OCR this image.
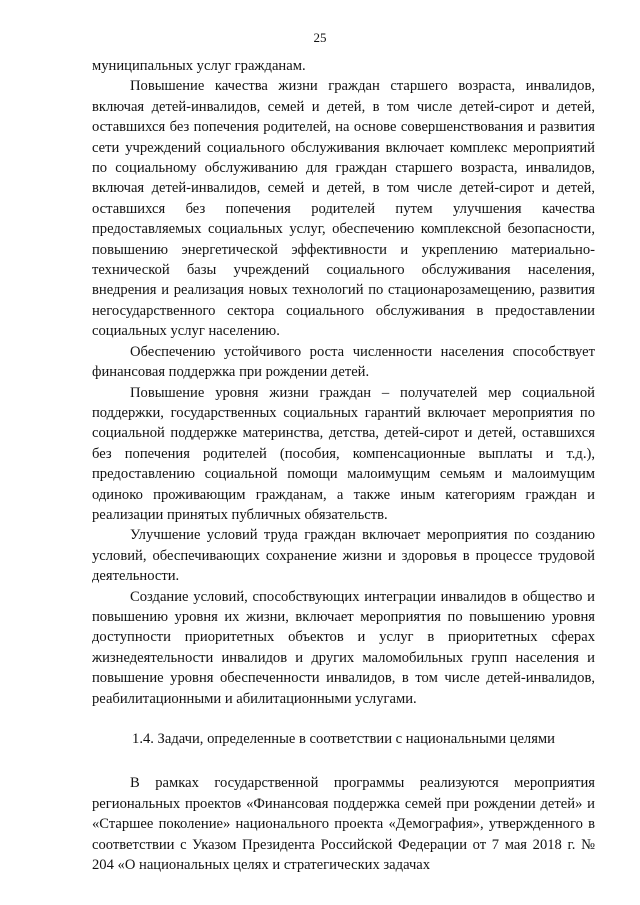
25

муниципальных услуг гражданам.

Повышение качества жизни граждан старшего возраста, инвалидов, включая детей-инвалидов, семей и детей, в том числе детей-сирот и детей, оставшихся без попечения родителей, на основе совершенствования и развития сети учреждений социального обслуживания включает комплекс мероприятий по социальному обслуживанию для граждан старшего возраста, инвалидов, включая детей-инвалидов, семей и детей, в том числе детей-сирот и детей, оставшихся без попечения родителей путем улучшения качества предоставляемых социальных услуг, обеспечению комплексной безопасности, повышению энергетической эффективности и укреплению материально-технической базы учреждений социального обслуживания населения, внедрения и реализация новых технологий по стационарозамещению, развития негосударственного сектора социального обслуживания в предоставлении социальных услуг населению.

Обеспечению устойчивого роста численности населения способствует финансовая поддержка при рождении детей.

Повышение уровня жизни граждан – получателей мер социальной поддержки, государственных социальных гарантий включает мероприятия по социальной поддержке материнства, детства, детей-сирот и детей, оставшихся без попечения родителей (пособия, компенсационные выплаты и т.д.), предоставлению социальной помощи малоимущим семьям и малоимущим одиноко проживающим гражданам, а также иным категориям граждан и реализации принятых публичных обязательств.

Улучшение условий труда граждан включает мероприятия по созданию условий, обеспечивающих сохранение жизни и здоровья в процессе трудовой деятельности.

Создание условий, способствующих интеграции инвалидов в общество и повышению уровня их жизни, включает мероприятия по повышению уровня доступности приоритетных объектов и услуг в приоритетных сферах жизнедеятельности инвалидов и других маломобильных групп населения и повышение уровня обеспеченности инвалидов, в том числе детей-инвалидов, реабилитационными и абилитационными услугами.

1.4. Задачи, определенные в соответствии с национальными целями

В рамках государственной программы реализуются мероприятия региональных проектов «Финансовая поддержка семей при рождении детей» и «Старшее поколение» национального проекта «Демография», утвержденного в соответствии с Указом Президента Российской Федерации от 7 мая 2018 г. № 204 «О национальных целях и стратегических задачах
